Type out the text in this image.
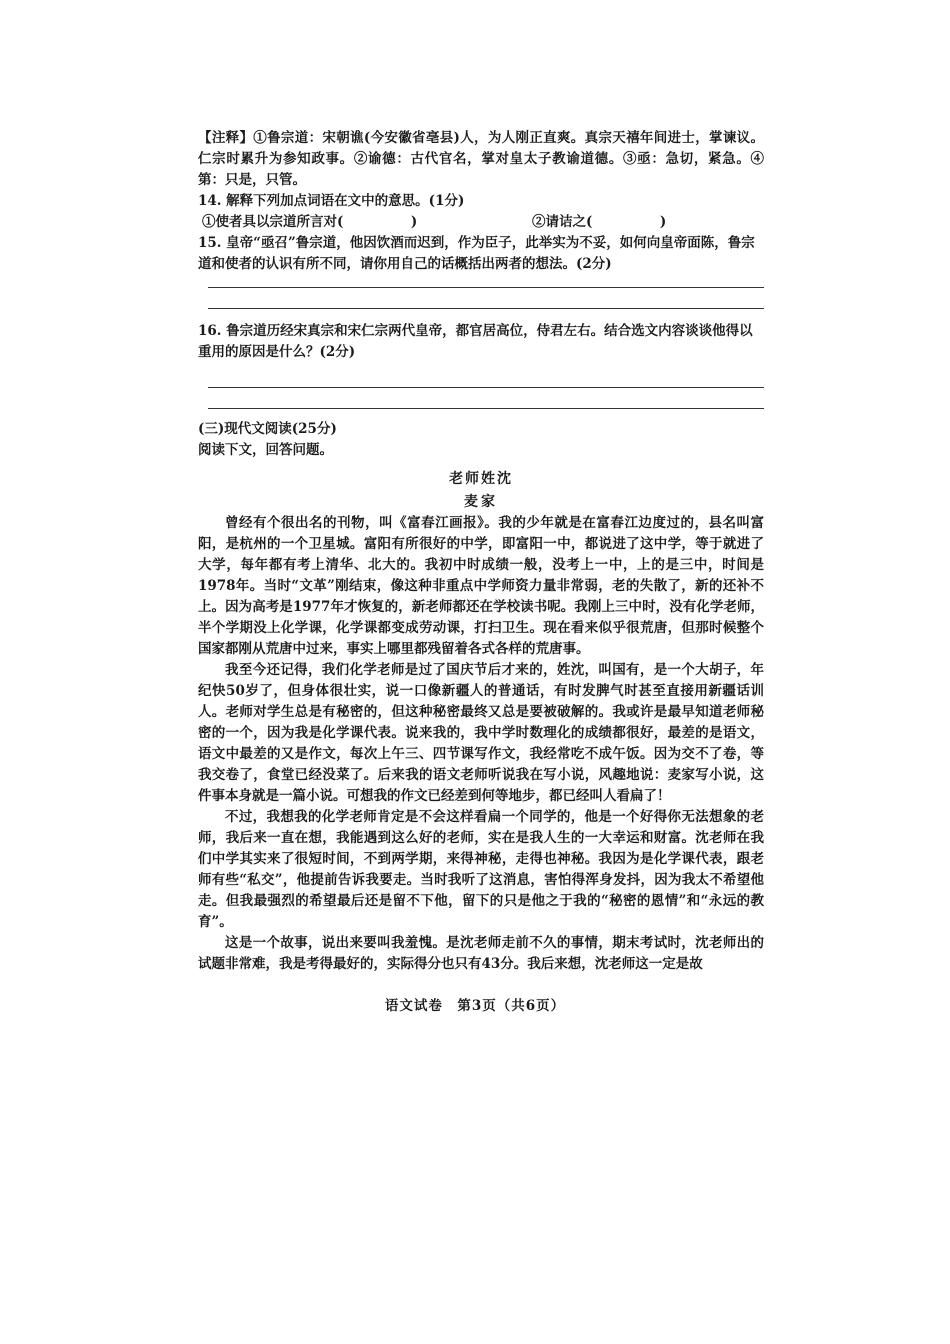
【注释】①鲁宗道：宋朝谯(今安徽省亳县)人，为人刚正直爽。真宗天禧年间进士，掌谏议。仁宗时累升为参知政事。②谕德：古代官名，掌对皇太子教谕道德。③亟：急切，紧急。④第：只是，只管。

14. 解释下列加点词语在文中的意思。(1分)

①使者具以宗道所言对(　　　　　)	②请诘之(　　　　　)

15. 皇帝“亟召”鲁宗道，他因饮酒而迟到，作为臣子，此举实为不妥，如何向皇帝面陈，鲁宗道和使者的认识有所不同，请你用自己的话概括出两者的想法。(2分)

16. 鲁宗道历经宋真宗和宋仁宗两代皇帝，都官居高位，侍君左右。结合选文内容谈谈他得以重用的原因是什么？(2分)

(三)现代文阅读(25分)

阅读下文，回答问题。

老师姓沈
麦家

曾经有个很出名的刊物，叫《富春江画报》。我的少年就是在富春江边度过的，县名叫富阳，是杭州的一个卫星城。富阳有所很好的中学，即富阳一中，都说进了这中学，等于就进了大学，每年都有考上清华、北大的。我初中时成绩一般，没考上一中，上的是三中，时间是1978年。当时“文革”刚结束，像这种非重点中学师资力量非常弱，老的失散了，新的还补不上。因为高考是1977年才恢复的，新老师都还在学校读书呢。我刚上三中时，没有化学老师，半个学期没上化学课，化学课都变成劳动课，打扫卫生。现在看来似乎很荒唐，但那时候整个国家都刚从荒唐中过来，事实上哪里都残留着各式各样的荒唐事。

我至今还记得，我们化学老师是过了国庆节后才来的，姓沈，叫国有，是一个大胡子，年纪快50岁了，但身体很壮实，说一口像新疆人的普通话，有时发脾气时甚至直接用新疆话训人。老师对学生总是有秘密的，但这种秘密最终又总是要被破解的。我或许是最早知道老师秘密的一个，因为我是化学课代表。说来我的，我中学时数理化的成绩都很好，最差的是语文，语文中最差的又是作文，每次上午三、四节课写作文，我经常吃不成午饭。因为交不了卷，等我交卷了，食堂已经没菜了。后来我的语文老师听说我在写小说，风趣地说：麦家写小说，这件事本身就是一篇小说。可想我的作文已经差到何等地步，都已经叫人看扁了！

不过，我想我的化学老师肯定是不会这样看扁一个同学的，他是一个好得你无法想象的老师，我后来一直在想，我能遇到这么好的老师，实在是我人生的一大幸运和财富。沈老师在我们中学其实来了很短时间，不到两学期，来得神秘，走得也神秘。我因为是化学课代表，跟老师有些“私交”，他提前告诉我要走。当时我听了这消息，害怕得浑身发抖，因为我太不希望他走。但我最强烈的希望最后还是留不下他，留下的只是他之于我的“秘密的恩情”和“永远的教育”。

这是一个故事，说出来要叫我羞愧。是沈老师走前不久的事情，期末考试时，沈老师出的试题非常难，我是考得最好的，实际得分也只有43分。我后来想，沈老师这一定是故

语文试卷　第3页（共6页）
